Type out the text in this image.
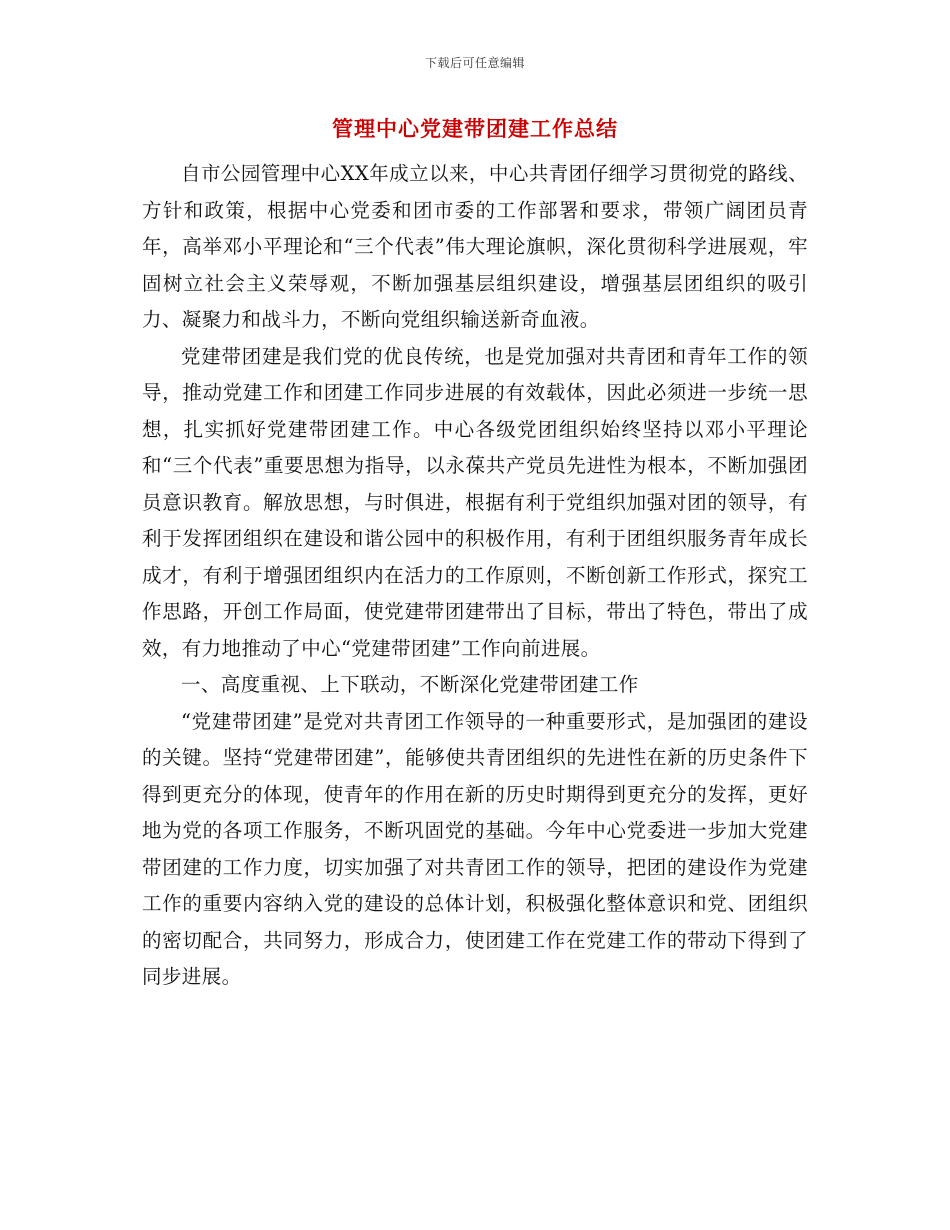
下载后可任意编辑
管理中心党建带团建工作总结

自市公园管理中心XX年成立以来，中心共青团仔细学习贯彻党的路线、方针和政策，根据中心党委和团市委的工作部署和要求，带领广阔团员青年，高举邓小平理论和“三个代表”伟大理论旗帜，深化贯彻科学进展观，牢固树立社会主义荣辱观，不断加强基层组织建设，增强基层团组织的吸引力、凝聚力和战斗力，不断向党组织输送新奇血液。

党建带团建是我们党的优良传统，也是党加强对共青团和青年工作的领导，推动党建工作和团建工作同步进展的有效载体，因此必须进一步统一思想，扎实抓好党建带团建工作。中心各级党团组织始终坚持以邓小平理论和“三个代表”重要思想为指导，以永葆共产党员先进性为根本，不断加强团员意识教育。解放思想，与时俱进，根据有利于党组织加强对团的领导，有利于发挥团组织在建设和谐公园中的积极作用，有利于团组织服务青年成长成才，有利于增强团组织内在活力的工作原则，不断创新工作形式，探究工作思路，开创工作局面，使党建带团建带出了目标，带出了特色，带出了成效，有力地推动了中心“党建带团建”工作向前进展。

一、高度重视、上下联动，不断深化党建带团建工作

“党建带团建”是党对共青团工作领导的一种重要形式，是加强团的建设的关键。坚持“党建带团建”，能够使共青团组织的先进性在新的历史条件下得到更充分的体现，使青年的作用在新的历史时期得到更充分的发挥，更好地为党的各项工作服务，不断巩固党的基础。今年中心党委进一步加大党建带团建的工作力度，切实加强了对共青团工作的领导，把团的建设作为党建工作的重要内容纳入党的建设的总体计划，积极强化整体意识和党、团组织的密切配合，共同努力，形成合力，使团建工作在党建工作的带动下得到了同步进展。
